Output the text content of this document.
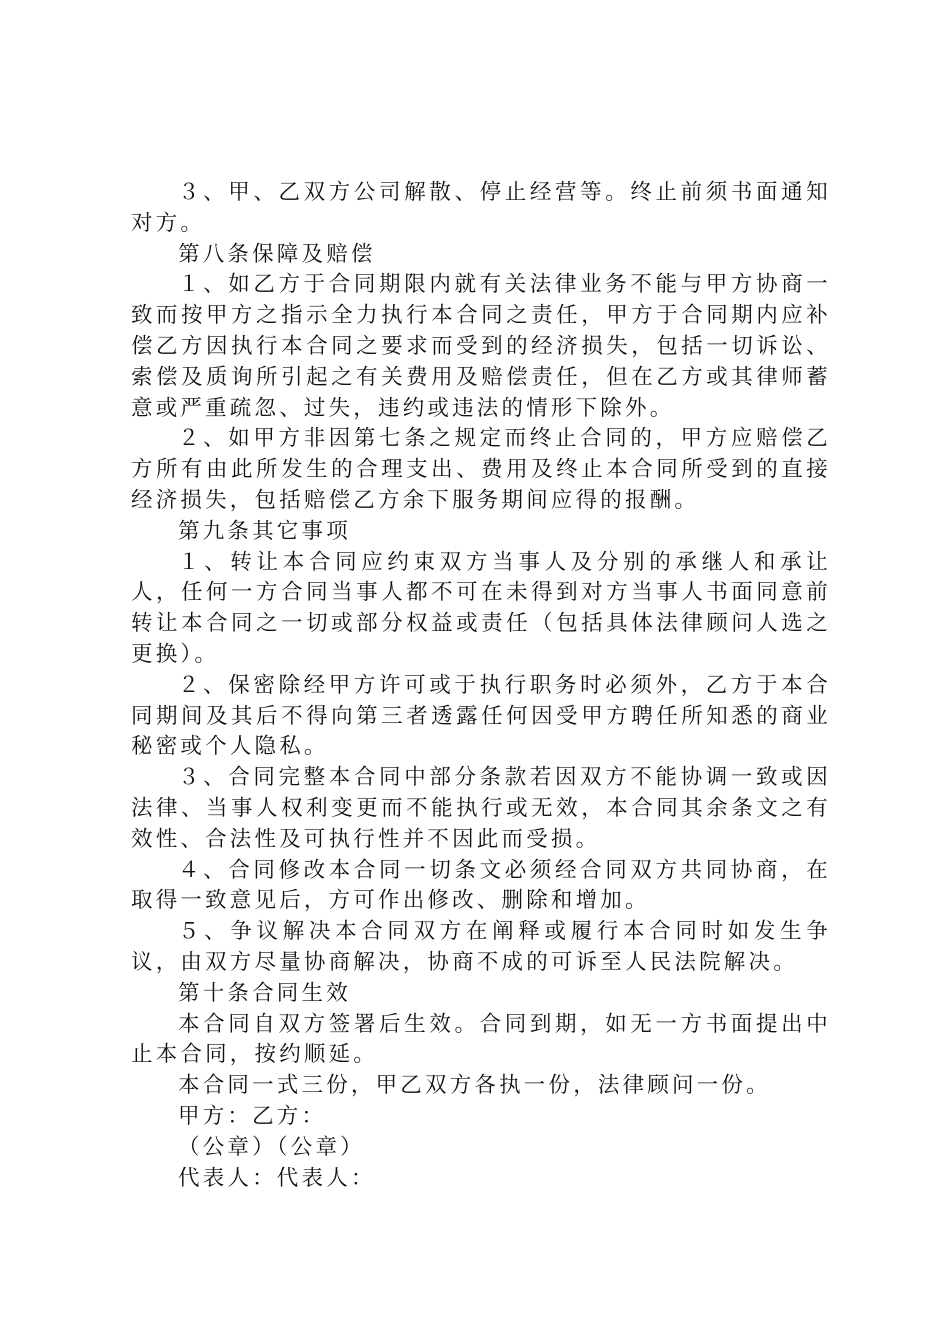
３、甲、乙双方公司解散、停止经营等。终止前须书面通知对方。

第八条保障及赔偿

１、如乙方于合同期限内就有关法律业务不能与甲方协商一致而按甲方之指示全力执行本合同之责任，甲方于合同期内应补偿乙方因执行本合同之要求而受到的经济损失，包括一切诉讼、索偿及质询所引起之有关费用及赔偿责任，但在乙方或其律师蓄意或严重疏忽、过失，违约或违法的情形下除外。

２、如甲方非因第七条之规定而终止合同的，甲方应赔偿乙方所有由此所发生的合理支出、费用及终止本合同所受到的直接经济损失，包括赔偿乙方余下服务期间应得的报酬。

第九条其它事项

１、转让本合同应约束双方当事人及分别的承继人和承让人，任何一方合同当事人都不可在未得到对方当事人书面同意前转让本合同之一切或部分权益或责任（包括具体法律顾问人选之更换）。

２、保密除经甲方许可或于执行职务时必须外，乙方于本合同期间及其后不得向第三者透露任何因受甲方聘任所知悉的商业秘密或个人隐私。

３、合同完整本合同中部分条款若因双方不能协调一致或因法律、当事人权利变更而不能执行或无效，本合同其余条文之有效性、合法性及可执行性并不因此而受损。

４、合同修改本合同一切条文必须经合同双方共同协商，在取得一致意见后，方可作出修改、删除和增加。

５、争议解决本合同双方在阐释或履行本合同时如发生争议，由双方尽量协商解决，协商不成的可诉至人民法院解决。

第十条合同生效

本合同自双方签署后生效。合同到期，如无一方书面提出中止本合同，按约顺延。

本合同一式三份，甲乙双方各执一份，法律顾问一份。

甲方：乙方：

（公章）（公章）

代表人：代表人：
